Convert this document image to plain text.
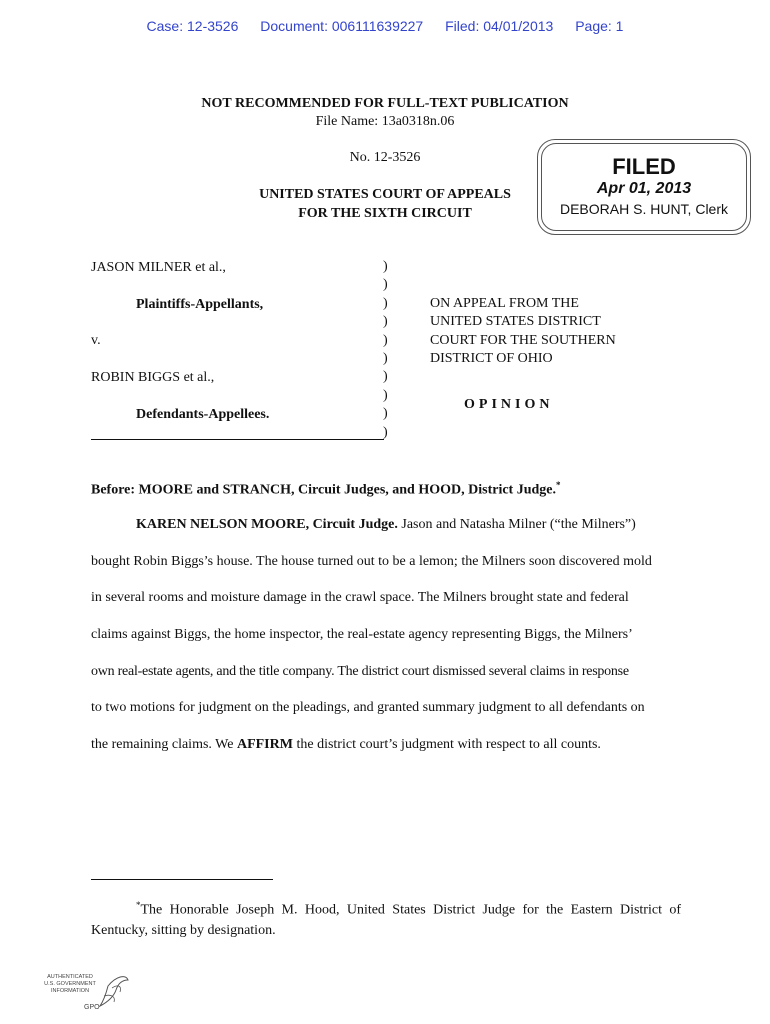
Case: 12-3526 Document: 006111639227 Filed: 04/01/2013 Page: 1
NOT RECOMMENDED FOR FULL-TEXT PUBLICATION
File Name: 13a0318n.06
No. 12-3526
UNITED STATES COURT OF APPEALS
FOR THE SIXTH CIRCUIT
FILED
Apr 01, 2013
DEBORAH S. HUNT, Clerk
JASON MILNER et al.,
Plaintiffs-Appellants,
v.
ROBIN BIGGS et al.,
Defendants-Appellees.
)
)
)
)
)
)
)
)
)
)
ON APPEAL FROM THE
UNITED STATES DISTRICT
COURT FOR THE SOUTHERN
DISTRICT OF OHIO
OPINION
Before: MOORE and STRANCH, Circuit Judges, and HOOD, District Judge.*
KAREN NELSON MOORE, Circuit Judge. Jason and Natasha Milner (“the Milners”)
bought Robin Biggs’s house. The house turned out to be a lemon; the Milners soon discovered mold
in several rooms and moisture damage in the crawl space. The Milners brought state and federal
claims against Biggs, the home inspector, the real-estate agency representing Biggs, the Milners’
own real-estate agents, and the title company. The district court dismissed several claims in response
to two motions for judgment on the pleadings, and granted summary judgment to all defendants on
the remaining claims. We AFFIRM the district court’s judgment with respect to all counts.
*The Honorable Joseph M. Hood, United States District Judge for the Eastern District of Kentucky, sitting by designation.
AUTHENTICATED
U.S. GOVERNMENT
INFORMATION
GPO
